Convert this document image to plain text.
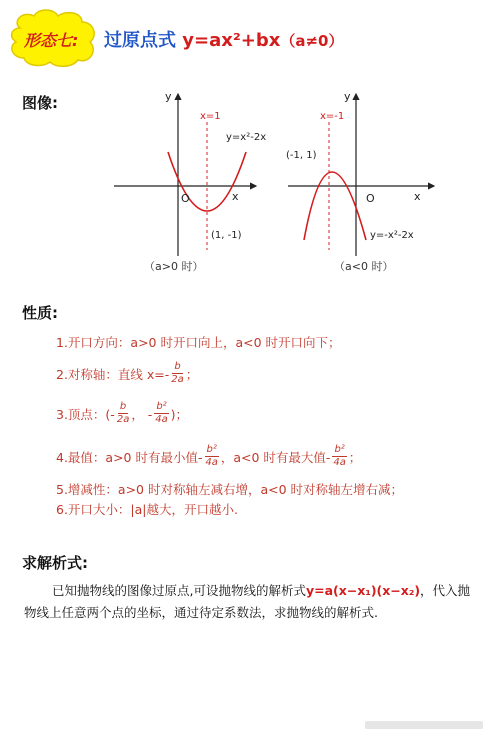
形态七: 过原点式 y=ax²+bx（a≠0）
图像:	y
x
O
x=1
y=x²-2x
(1, -1)
（a>0 时）
y
x
O
x=-1
(-1, 1)
y=-x²-2x
（a<0 时）
性质:
1.开口方向：a>0 时开口向上，a<0 时开口向下；
2.对称轴：直线 $x=- \frac{b}{2a}$ ；
3.顶点：(- $\frac{b}{2a}$ ， - $\frac{\text{b²}}{4a}$ )；
4.最值：a>0 时有最小值- $\frac{\text{b²}}{4a}$ ，a<0 时有最大值- $\frac{\text{b²}}{4a}$ ；
5.增减性：a>0 时对称轴左减右增，a<0 时对称轴左增右减；
6.开口大小：|a|越大，开口越小.
求解析式:
已知抛物线的图像过原点,可设抛物线的解析式y=a(x−x₁)(x−x₂)，代入抛物线上任意两个点的坐标，通过待定系数法，求抛物线的解析式.
